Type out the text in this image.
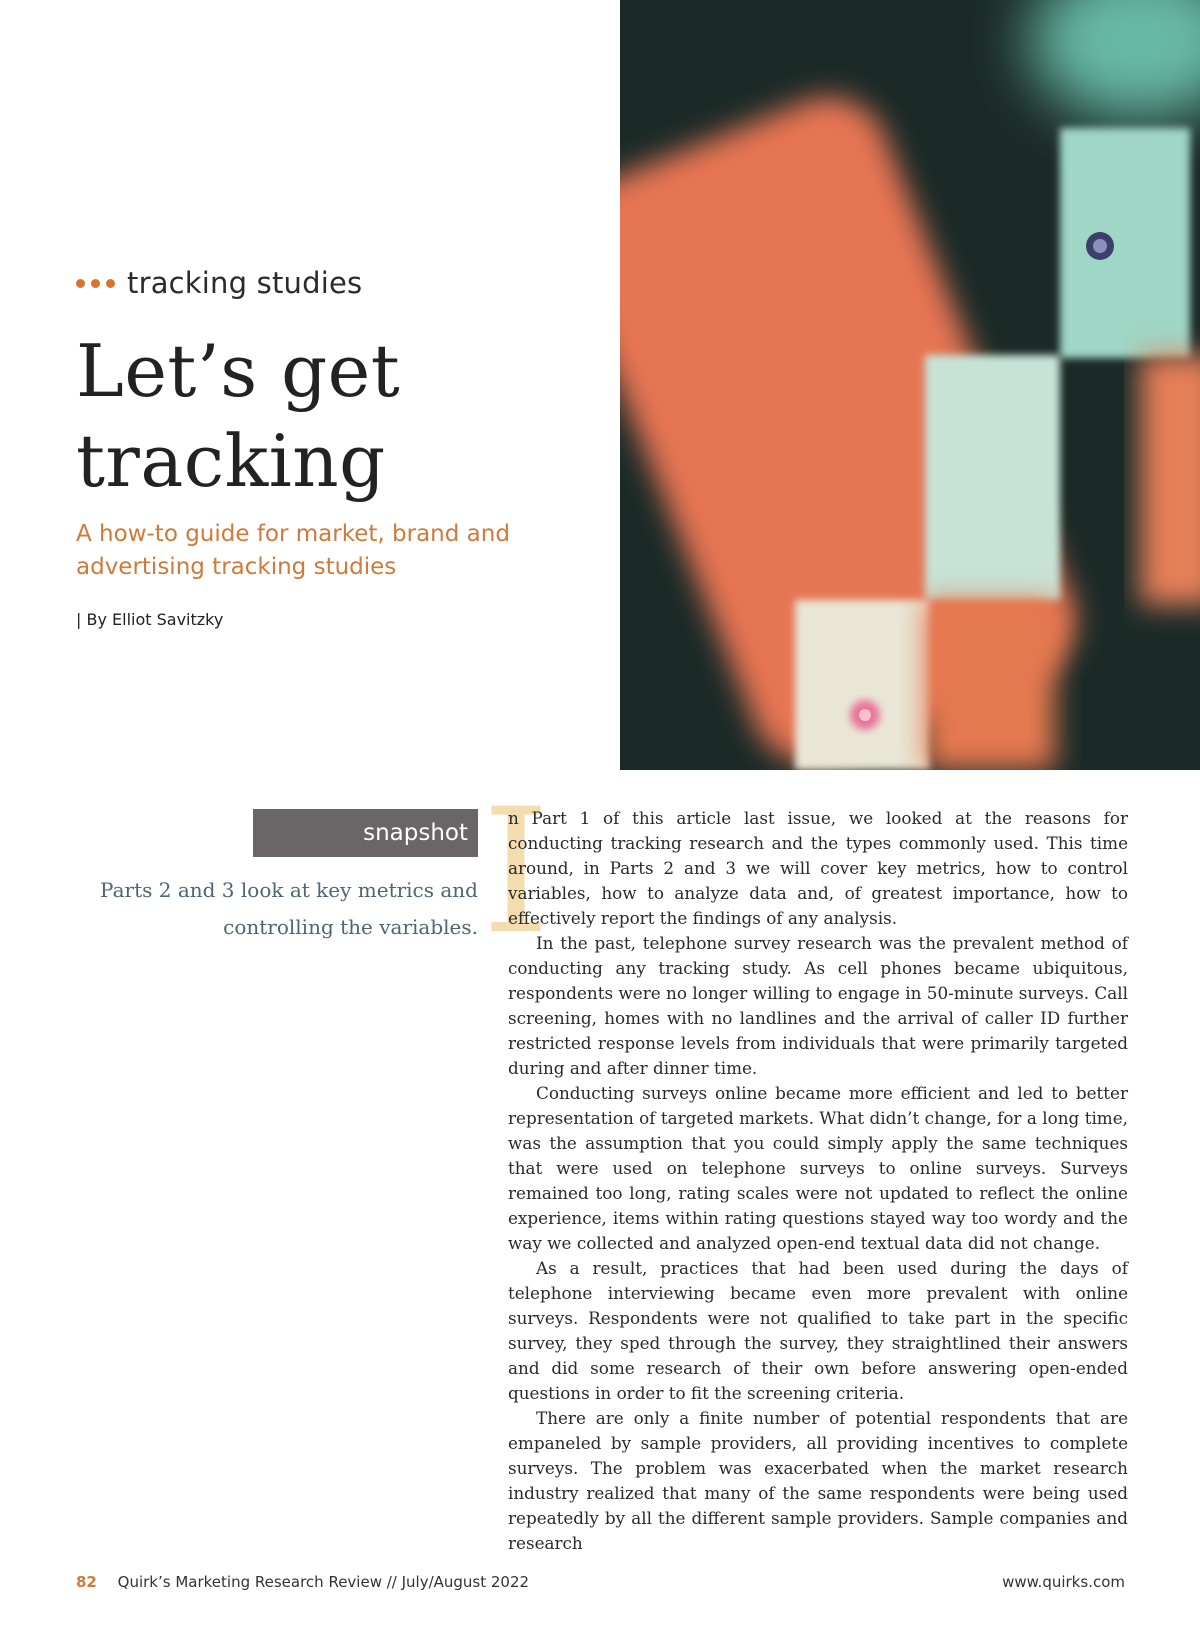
tracking studies
Let’s get
tracking
A how-to guide for market, brand and advertising tracking studies
| By Elliot Savitzky
snapshot
Parts 2 and 3 look at key metrics and controlling the variables. I

n Part 1 of this article last issue, we looked at the reasons for conducting tracking research and the types commonly used. This time around, in Parts 2 and 3 we will cover key metrics, how to control variables, how to analyze data and, of greatest importance, how to effectively report the findings of any analysis.

In the past, telephone survey research was the prevalent method of conducting any tracking study. As cell phones became ubiquitous, respondents were no longer willing to engage in 50-minute surveys. Call screening, homes with no landlines and the arrival of caller ID further restricted response levels from individuals that were primarily targeted during and after dinner time.

Conducting surveys online became more efficient and led to better representation of targeted markets. What didn’t change, for a long time, was the assumption that you could simply apply the same techniques that were used on telephone surveys to online surveys. Surveys remained too long, rating scales were not updated to reflect the online experience, items within rating questions stayed way too wordy and the way we collected and analyzed open-end textual data did not change.

As a result, practices that had been used during the days of telephone interviewing became even more prevalent with online surveys. Respondents were not qualified to take part in the specific survey, they sped through the survey, they straightlined their answers and did some research of their own before answering open-ended questions in order to fit the screening criteria.

There are only a finite number of potential respondents that are empaneled by sample providers, all providing incentives to complete surveys. The problem was exacerbated when the market research industry realized that many of the same respondents were being used repeatedly by all the different sample providers. Sample companies and research

82 Quirk’s Marketing Research Review // July/August 2022	www.quirks.com
